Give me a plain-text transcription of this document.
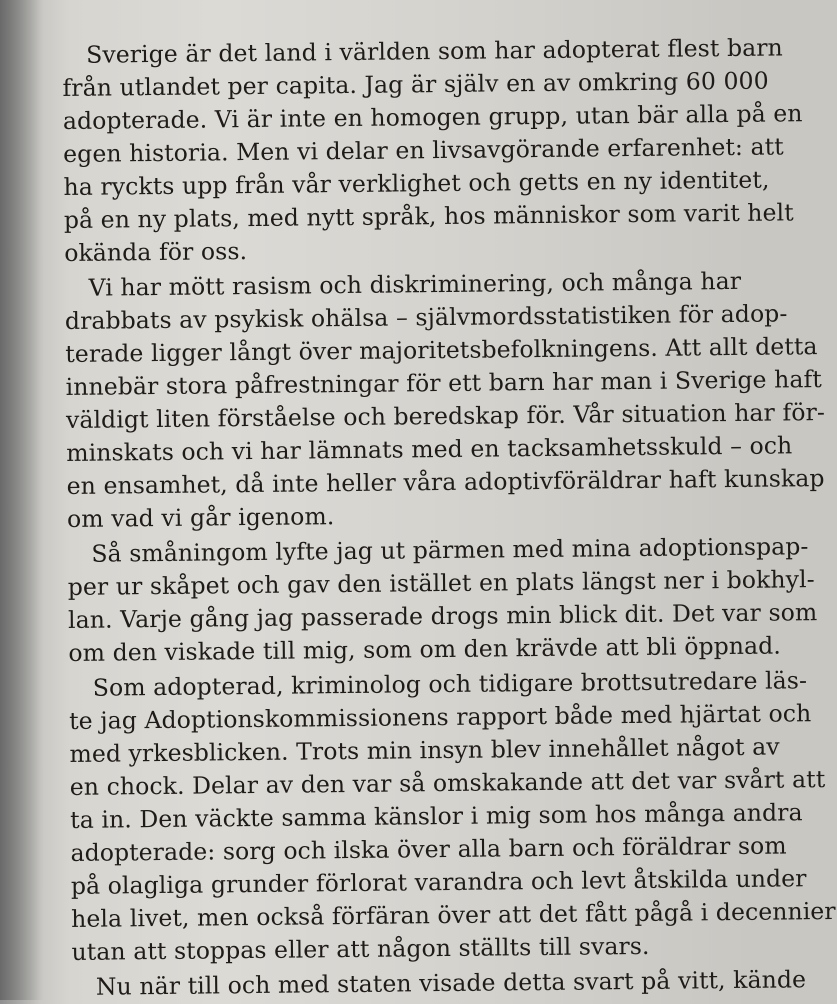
Sverige är det land i världen som har adopterat flest barn
från utlandet per capita. Jag är själv en av omkring 60 000
adopterade. Vi är inte en homogen grupp, utan bär alla på en
egen historia. Men vi delar en livsavgörande erfarenhet: att
ha ryckts upp från vår verklighet och getts en ny identitet,
på en ny plats, med nytt språk, hos människor som varit helt
okända för oss.
Vi har mött rasism och diskriminering, och många har
drabbats av psykisk ohälsa – självmordsstatistiken för adop-
terade ligger långt över majoritetsbefolkningens. Att allt detta
innebär stora påfrestningar för ett barn har man i Sverige haft
väldigt liten förståelse och beredskap för. Vår situation har för-
minskats och vi har lämnats med en tacksamhetsskuld – och
en ensamhet, då inte heller våra adoptivföräldrar haft kunskap
om vad vi går igenom.
Så småningom lyfte jag ut pärmen med mina adoptionspap-
per ur skåpet och gav den istället en plats längst ner i bokhyl-
lan. Varje gång jag passerade drogs min blick dit. Det var som
om den viskade till mig, som om den krävde att bli öppnad.
Som adopterad, kriminolog och tidigare brottsutredare läs-
te jag Adoptionskommissionens rapport både med hjärtat och
med yrkesblicken. Trots min insyn blev innehållet något av
en chock. Delar av den var så omskakande att det var svårt att
ta in. Den väckte samma känslor i mig som hos många andra
adopterade: sorg och ilska över alla barn och föräldrar som
på olagliga grunder förlorat varandra och levt åtskilda under
hela livet, men också förfäran över att det fått pågå i decennier
utan att stoppas eller att någon ställts till svars.
Nu när till och med staten visade detta svart på vitt, kände
